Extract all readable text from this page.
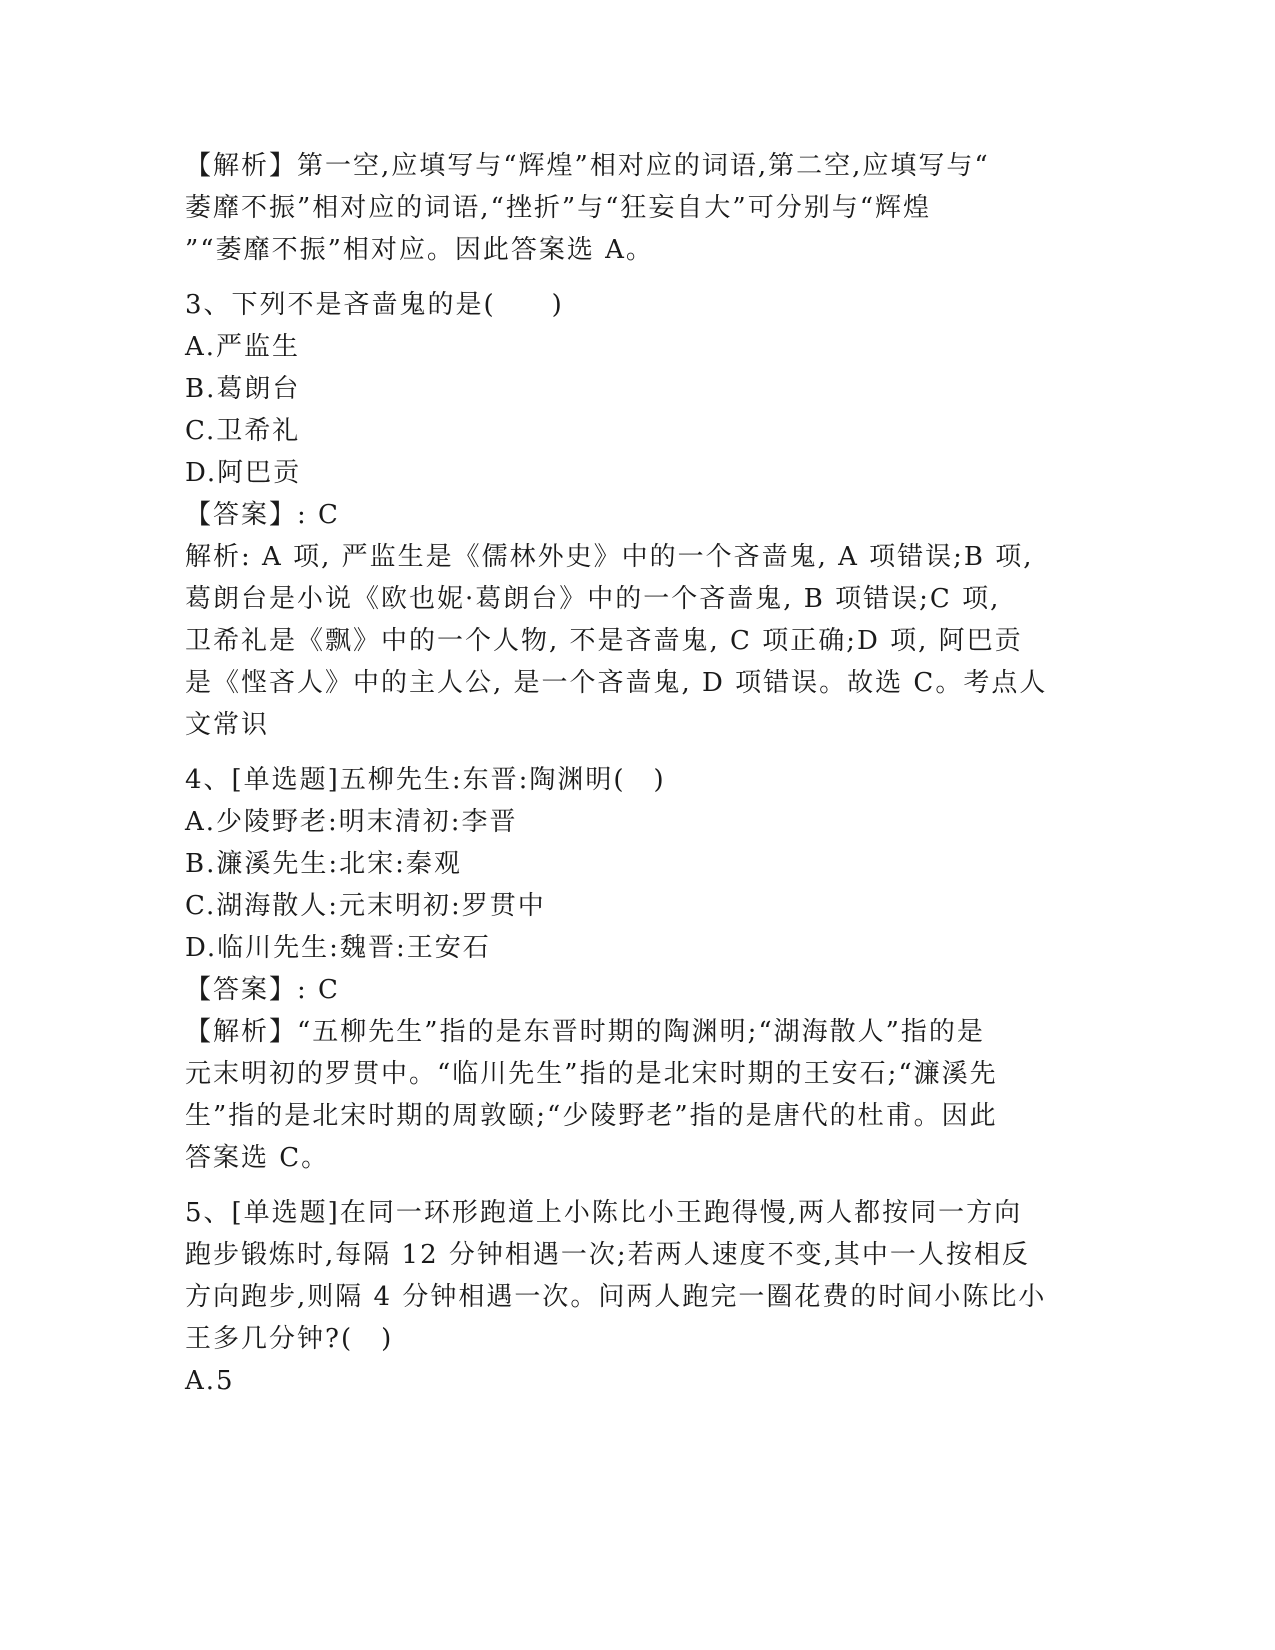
【解析】第一空,应填写与“辉煌”相对应的词语,第二空,应填写与“
萎靡不振”相对应的词语,“挫折”与“狂妄自大”可分别与“辉煌
”“萎靡不振”相对应。因此答案选 A。
3、下列不是吝啬鬼的是(　　)
A.严监生
B.葛朗台
C.卫希礼
D.阿巴贡
【答案】: C
解析: A 项, 严监生是《儒林外史》中的一个吝啬鬼, A 项错误;B 项,
葛朗台是小说《欧也妮·葛朗台》中的一个吝啬鬼, B 项错误;C 项,
卫希礼是《飘》中的一个人物, 不是吝啬鬼, C 项正确;D 项, 阿巴贡
是《悭吝人》中的主人公, 是一个吝啬鬼, D 项错误。故选 C。考点人
文常识
4、[单选题]五柳先生:东晋:陶渊明(　)
A.少陵野老:明末清初:李晋
B.濂溪先生:北宋:秦观
C.湖海散人:元末明初:罗贯中
D.临川先生:魏晋:王安石
【答案】: C
【解析】“五柳先生”指的是东晋时期的陶渊明;“湖海散人”指的是
元末明初的罗贯中。“临川先生”指的是北宋时期的王安石;“濂溪先
生”指的是北宋时期的周敦颐;“少陵野老”指的是唐代的杜甫。因此
答案选 C。
5、[单选题]在同一环形跑道上小陈比小王跑得慢,两人都按同一方向
跑步锻炼时,每隔 12 分钟相遇一次;若两人速度不变,其中一人按相反
方向跑步,则隔 4 分钟相遇一次。问两人跑完一圈花费的时间小陈比小
王多几分钟?(　)
A.5
